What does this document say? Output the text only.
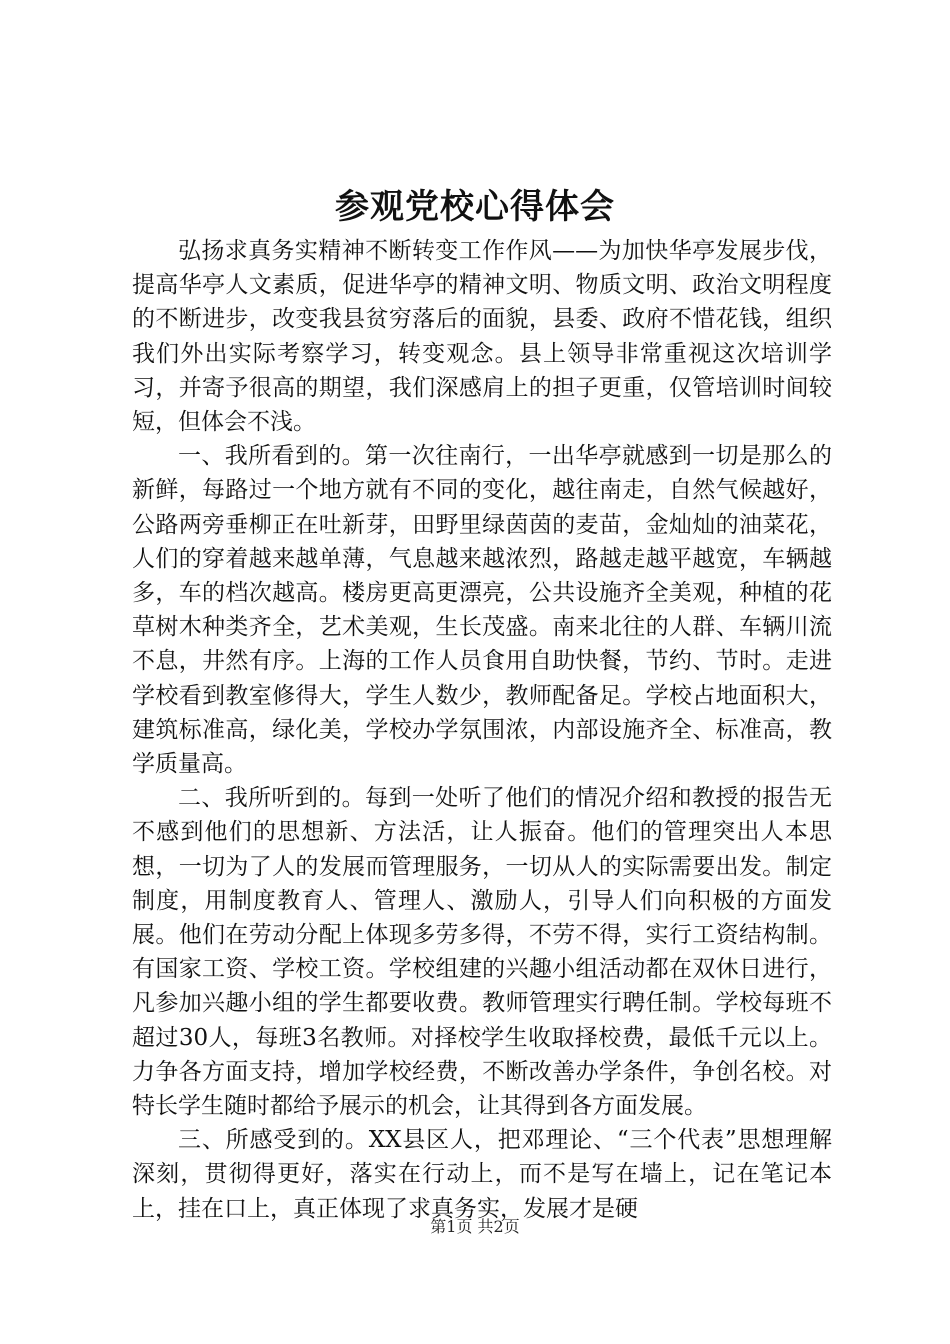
参观党校心得体会

弘扬求真务实精神不断转变工作作风——为加快华亭发展步伐，提高华亭人文素质，促进华亭的精神文明、物质文明、政治文明程度的不断进步，改变我县贫穷落后的面貌，县委、政府不惜花钱，组织我们外出实际考察学习，转变观念。县上领导非常重视这次培训学习，并寄予很高的期望，我们深感肩上的担子更重，仅管培训时间较短，但体会不浅。

一、我所看到的。第一次往南行，一出华亭就感到一切是那么的新鲜，每路过一个地方就有不同的变化，越往南走，自然气候越好，公路两旁垂柳正在吐新芽，田野里绿茵茵的麦苗，金灿灿的油菜花，人们的穿着越来越单薄，气息越来越浓烈，路越走越平越宽，车辆越多，车的档次越高。楼房更高更漂亮，公共设施齐全美观，种植的花草树木种类齐全，艺术美观，生长茂盛。南来北往的人群、车辆川流不息，井然有序。上海的工作人员食用自助快餐，节约、节时。走进学校看到教室修得大，学生人数少，教师配备足。学校占地面积大，建筑标准高，绿化美，学校办学氛围浓，内部设施齐全、标准高，教学质量高。

二、我所听到的。每到一处听了他们的情况介绍和教授的报告无不感到他们的思想新、方法活，让人振奋。他们的管理突出人本思想，一切为了人的发展而管理服务，一切从人的实际需要出发。制定制度，用制度教育人、管理人、激励人，引导人们向积极的方面发展。他们在劳动分配上体现多劳多得，不劳不得，实行工资结构制。有国家工资、学校工资。学校组建的兴趣小组活动都在双休日进行，凡参加兴趣小组的学生都要收费。教师管理实行聘任制。学校每班不超过30人，每班3名教师。对择校学生收取择校费，最低千元以上。力争各方面支持，增加学校经费，不断改善办学条件，争创名校。对特长学生随时都给予展示的机会，让其得到各方面发展。

三、所感受到的。XX县区人，把邓理论、“三个代表”思想理解深刻，贯彻得更好，落实在行动上，而不是写在墙上，记在笔记本上，挂在口上，真正体现了求真务实，发展才是硬

第1页 共2页
